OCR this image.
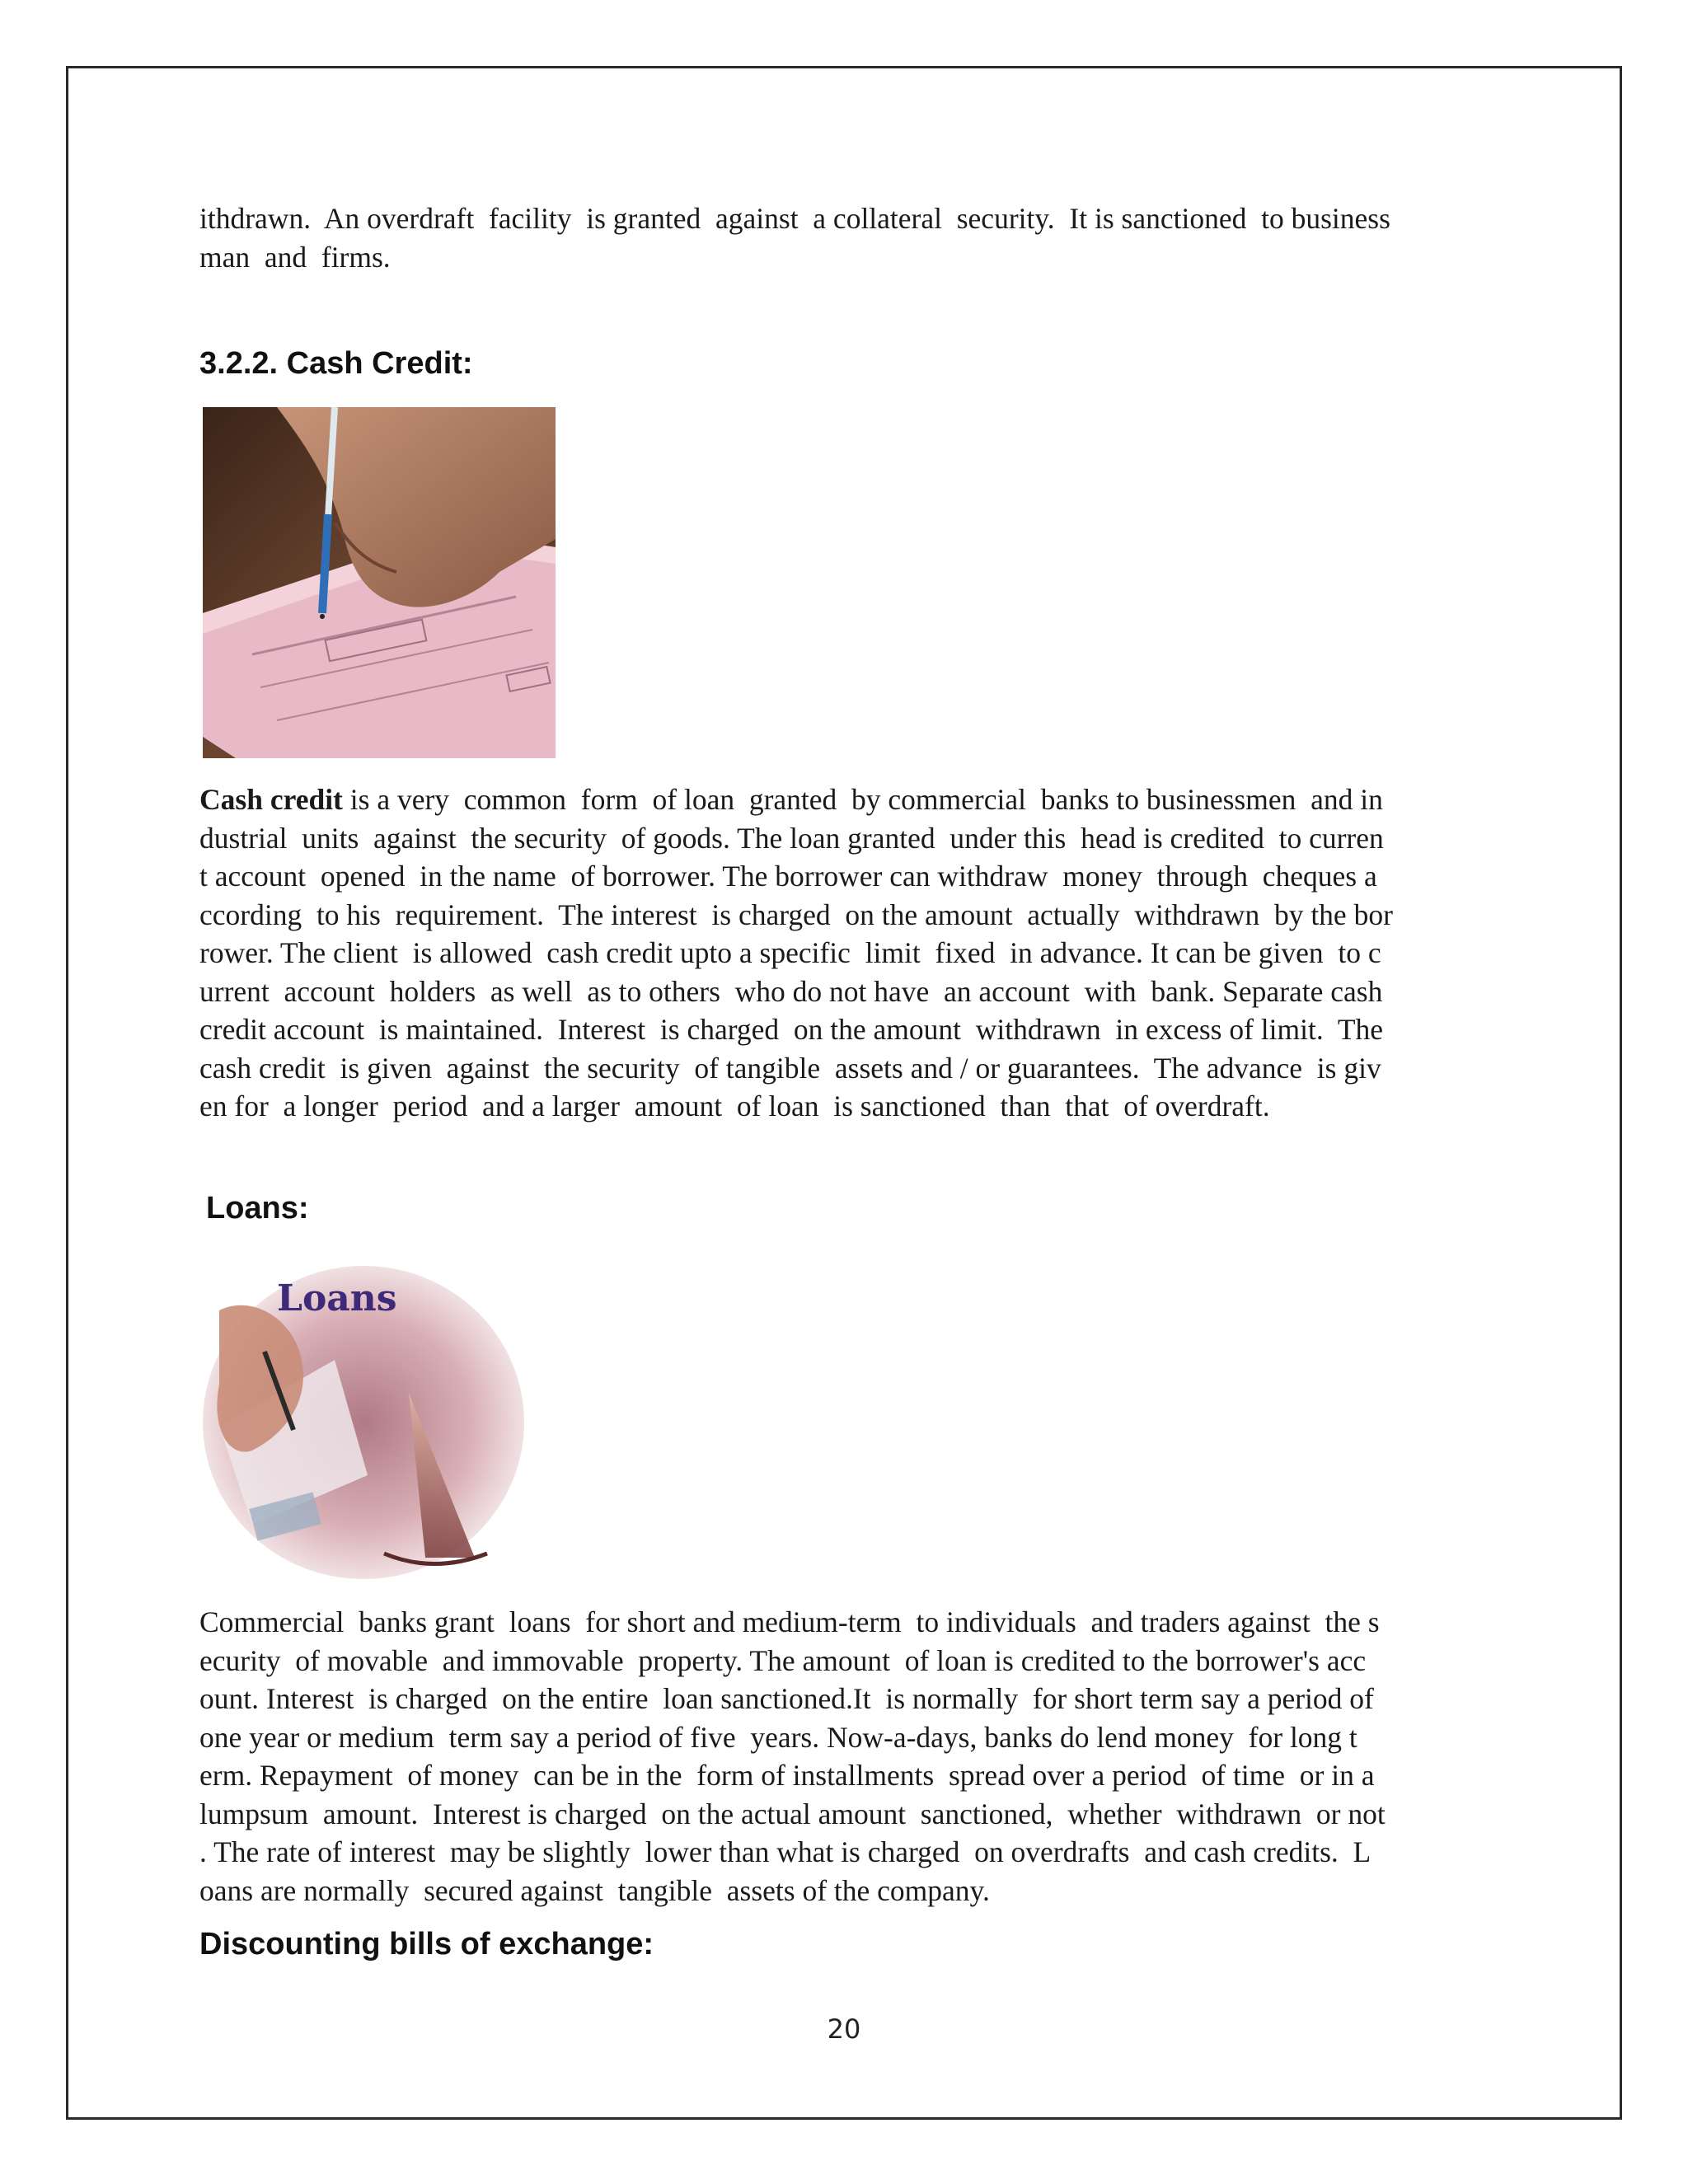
ithdrawn.  An overdraft  facility  is granted  against  a collateral  security.  It is sanctioned  to business
man  and  firms.
3.2.2. Cash Credit:
Cash credit is a very  common  form  of loan  granted  by commercial  banks to businessmen  and in
dustrial  units  against  the security  of goods. The loan granted  under this  head is credited  to curren
t account  opened  in the name  of borrower. The borrower can withdraw  money  through  cheques a
ccording  to his  requirement.  The interest  is charged  on the amount  actually  withdrawn  by the bor
rower. The client  is allowed  cash credit upto a specific  limit  fixed  in advance. It can be given  to c
urrent  account  holders  as well  as to others  who do not have  an account  with  bank. Separate cash
credit account  is maintained.  Interest  is charged  on the amount  withdrawn  in excess of limit.  The
cash credit  is given  against  the security  of tangible  assets and / or guarantees.  The advance  is giv
en for  a longer  period  and a larger  amount  of loan  is sanctioned  than  that  of overdraft.
Loans:
Loans
Commercial  banks grant  loans  for short and medium-term  to individuals  and traders against  the s
ecurity  of movable  and immovable  property. The amount  of loan is credited to the borrower's acc
ount. Interest  is charged  on the entire  loan sanctioned.It  is normally  for short term say a period of
one year or medium  term say a period of five  years. Now-a-days, banks do lend money  for long t
erm. Repayment  of money  can be in the  form of installments  spread over a period  of time  or in a
lumpsum  amount.  Interest is charged  on the actual amount  sanctioned,  whether  withdrawn  or not
. The rate of interest  may be slightly  lower than what is charged  on overdrafts  and cash credits.  L
oans are normally  secured against  tangible  assets of the company.
Discounting bills of exchange:
20
